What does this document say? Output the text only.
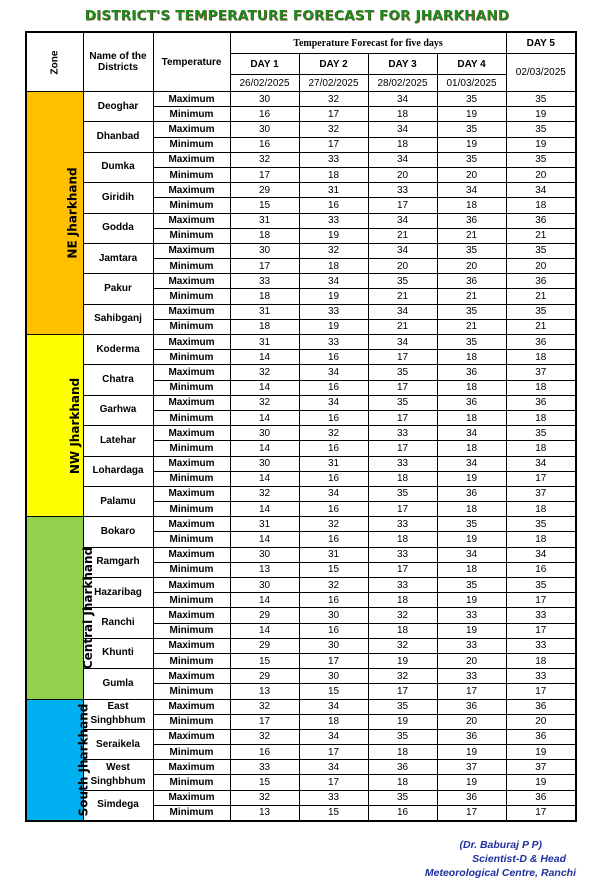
DISTRICT'S TEMPERATURE FORECAST FOR JHARKHAND
Zone	Name of the Districts	Temperature	Temperature Forecast for five days				DAY 5
			DAY 1	DAY 2	DAY 3	DAY 4	02/03/2025
			26/02/2025	27/02/2025	28/02/2025	01/03/2025	
NE Jharkhand	Deoghar	Maximum	30	32	34	35	35
		Minimum	16	17	18	19	19
	Dhanbad	Maximum	30	32	34	35	35
		Minimum	16	17	18	19	19
	Dumka	Maximum	32	33	34	35	35
		Minimum	17	18	20	20	20
	Giridih	Maximum	29	31	33	34	34
		Minimum	15	16	17	18	18
	Godda	Maximum	31	33	34	36	36
		Minimum	18	19	21	21	21
	Jamtara	Maximum	30	32	34	35	35
		Minimum	17	18	20	20	20
	Pakur	Maximum	33	34	35	36	36
		Minimum	18	19	21	21	21
	Sahibganj	Maximum	31	33	34	35	35
		Minimum	18	19	21	21	21
NW Jharkhand	Koderma	Maximum	31	33	34	35	36
		Minimum	14	16	17	18	18
	Chatra	Maximum	32	34	35	36	37
		Minimum	14	16	17	18	18
	Garhwa	Maximum	32	34	35	36	36
		Minimum	14	16	17	18	18
	Latehar	Maximum	30	32	33	34	35
		Minimum	14	16	17	18	18
	Lohardaga	Maximum	30	31	33	34	34
		Minimum	14	16	18	19	17
	Palamu	Maximum	32	34	35	36	37
		Minimum	14	16	17	18	18
Central Jharkhand	Bokaro	Maximum	31	32	33	35	35
		Minimum	14	16	18	19	18
	Ramgarh	Maximum	30	31	33	34	34
		Minimum	13	15	17	18	16
	Hazaribag	Maximum	30	32	33	35	35
		Minimum	14	16	18	19	17
	Ranchi	Maximum	29	30	32	33	33
		Minimum	14	16	18	19	17
	Khunti	Maximum	29	30	32	33	33
		Minimum	15	17	19	20	18
	Gumla	Maximum	29	30	32	33	33
		Minimum	13	15	17	17	17
South Jharkhand	East Singhbhum	Maximum	32	34	35	36	36
		Minimum	17	18	19	20	20
	Seraikela	Maximum	32	34	35	36	36
		Minimum	16	17	18	19	19
	West Singhbhum	Maximum	33	34	36	37	37
		Minimum	15	17	18	19	19
	Simdega	Maximum	32	33	35	36	36
		Minimum	13	15	16	17	17
(Dr. Baburaj P P)
Scientist-D & Head
Meteorological Centre, Ranchi
